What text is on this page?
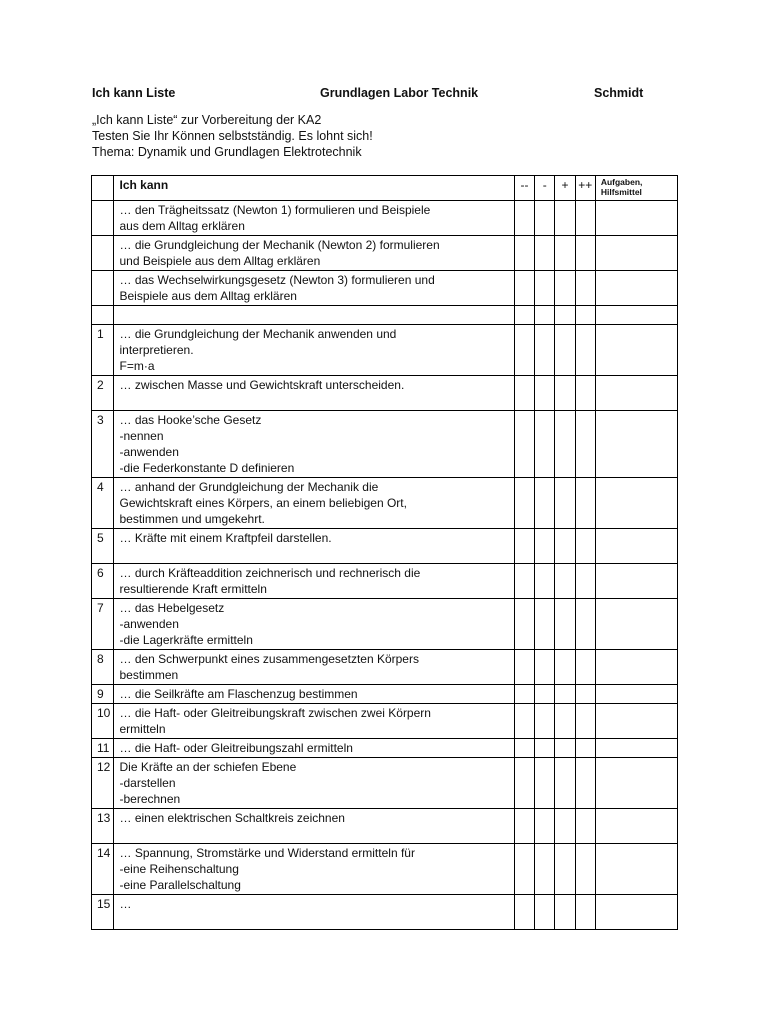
Ich kann Liste	Grundlagen Labor Technik	Schmidt
„Ich kann Liste“ zur Vorbereitung der KA2
Testen Sie Ihr Können selbstständig. Es lohnt sich!
Thema: Dynamik und Grundlagen Elektrotechnik
	Ich kann	--	-	+	++	Aufgaben, Hilfsmittel

	… den Trägheitssatz (Newton 1) formulieren und Beispiele
aus dem Alltag erklären					

	… die Grundgleichung der Mechanik (Newton 2) formulieren
und Beispiele aus dem Alltag erklären					

	… das Wechselwirkungsgesetz (Newton 3) formulieren und
Beispiele aus dem Alltag erklären					

1	… die Grundgleichung der Mechanik anwenden und
interpretieren.
F=m·a					

2	… zwischen Masse und Gewichtskraft unterscheiden.					

3	… das Hooke’sche Gesetz
-nennen
-anwenden
-die Federkonstante D definieren					

4	… anhand der Grundgleichung der Mechanik die
Gewichtskraft eines Körpers, an einem beliebigen Ort,
bestimmen und umgekehrt.					

5	… Kräfte mit einem Kraftpfeil darstellen.					

6	… durch Kräfteaddition zeichnerisch und rechnerisch die
resultierende Kraft ermitteln					

7	… das Hebelgesetz
-anwenden
-die Lagerkräfte ermitteln					

8	… den Schwerpunkt eines zusammengesetzten Körpers
bestimmen					

9	… die Seilkräfte am Flaschenzug bestimmen					

10	… die Haft- oder Gleitreibungskraft zwischen zwei Körpern
ermitteln					

11	… die Haft- oder Gleitreibungszahl ermitteln					

12	Die Kräfte an der schiefen Ebene
-darstellen
-berechnen					

13	… einen elektrischen Schaltkreis zeichnen					

14	… Spannung, Stromstärke und Widerstand ermitteln für
-eine Reihenschaltung
-eine Parallelschaltung					

15	…					
